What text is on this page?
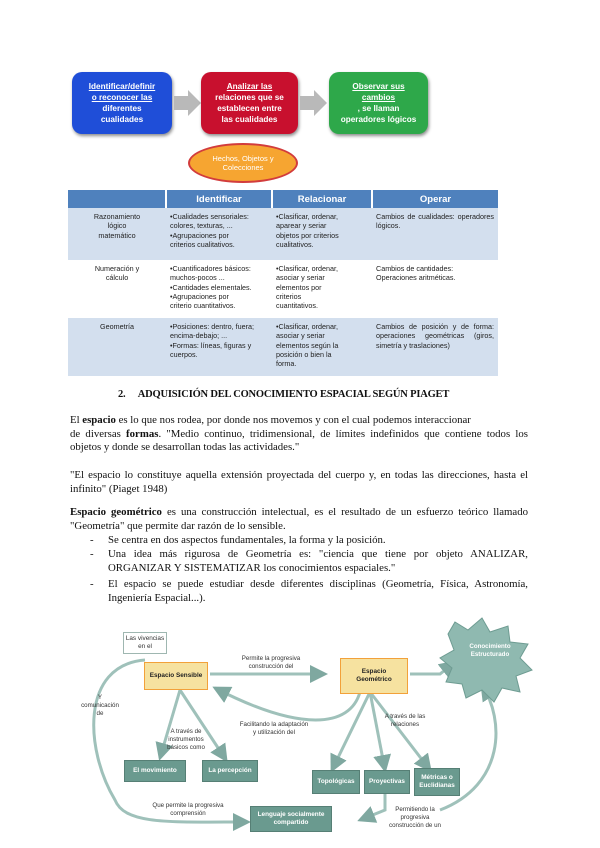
Identificar/definir
o reconocer las
diferentes
cualidades
Analizar las
relaciones que se
establecen entre
las cualidades
Observar sus
cambios
, se llaman
operadores lógicos
Hechos, Objetos y Colecciones
	Identificar	Relacionar	Operar

Razonamiento
lógico
matemático	•Cualidades sensoriales:
colores, texturas, ...
•Agrupaciones por
criterios cualitativos.	•Clasificar, ordenar,
aparear y seriar
objetos por criterios
cualitativos.	Cambios de cualidades: operadores lógicos.

Numeración y
cálculo	•Cuantificadores básicos:
muchos-pocos ...
•Cantidades elementales.
•Agrupaciones por
criterio cuantitativos.	•Clasificar, ordenar,
asociar y seriar
elementos por
criterios
cuantitativos.	Cambios de cantidades: Operaciones aritméticas.

Geometría	•Posiciones: dentro, fuera;
encima-debajo; ...
•Formas: líneas, figuras y
cuerpos.	•Clasificar, ordenar,
asociar y seriar
elementos según la
posición o bien la
forma.	Cambios de posición y de forma: operaciones geométricas (giros, simetría y traslaciones)
2. ADQUISICIÓN DEL CONOCIMIENTO ESPACIAL SEGÚN PIAGET
El espacio es lo que nos rodea, por donde nos movemos y con el cual podemos interaccionar
de diversas formas. "Medio continuo, tridimensional, de límites indefinidos que contiene todos los objetos y donde se desarrollan todas las actividades."
"El espacio lo constituye aquella extensión proyectada del cuerpo y, en todas las direcciones, hasta el infinito" (Piaget 1948)
Espacio geométrico es una construcción intelectual, es el resultado de un esfuerzo teórico llamado "Geometría" que permite dar razón de lo sensible.
- Se centra en dos aspectos fundamentales, la forma y la posición.
- Una idea más rigurosa de Geometría es: "ciencia que tiene por objeto ANALIZAR, ORGANIZAR Y SISTEMATIZAR los conocimientos espaciales."
- El espacio se puede estudiar desde diferentes disciplinas (Geometría, Física, Astronomía, Ingeniería Espacial...).
Las vivencias
en el
Espacio Sensible
Espacio
Geométrico
Conocimiento
Estructurado
Permite la progresiva
construcción del
Y
comunicación
de
A través de
instrumentos
básicos como
Facilitando la adaptación
y utilización del
A través de las
relaciones
El movimiento	La percepción
Topológicas Proyectivas
Métricas o
Euclidianas
Que permite la progresiva
comprensión	Lenguaje socialmente
compartido
Permitiendo la
progresiva
construcción de un
